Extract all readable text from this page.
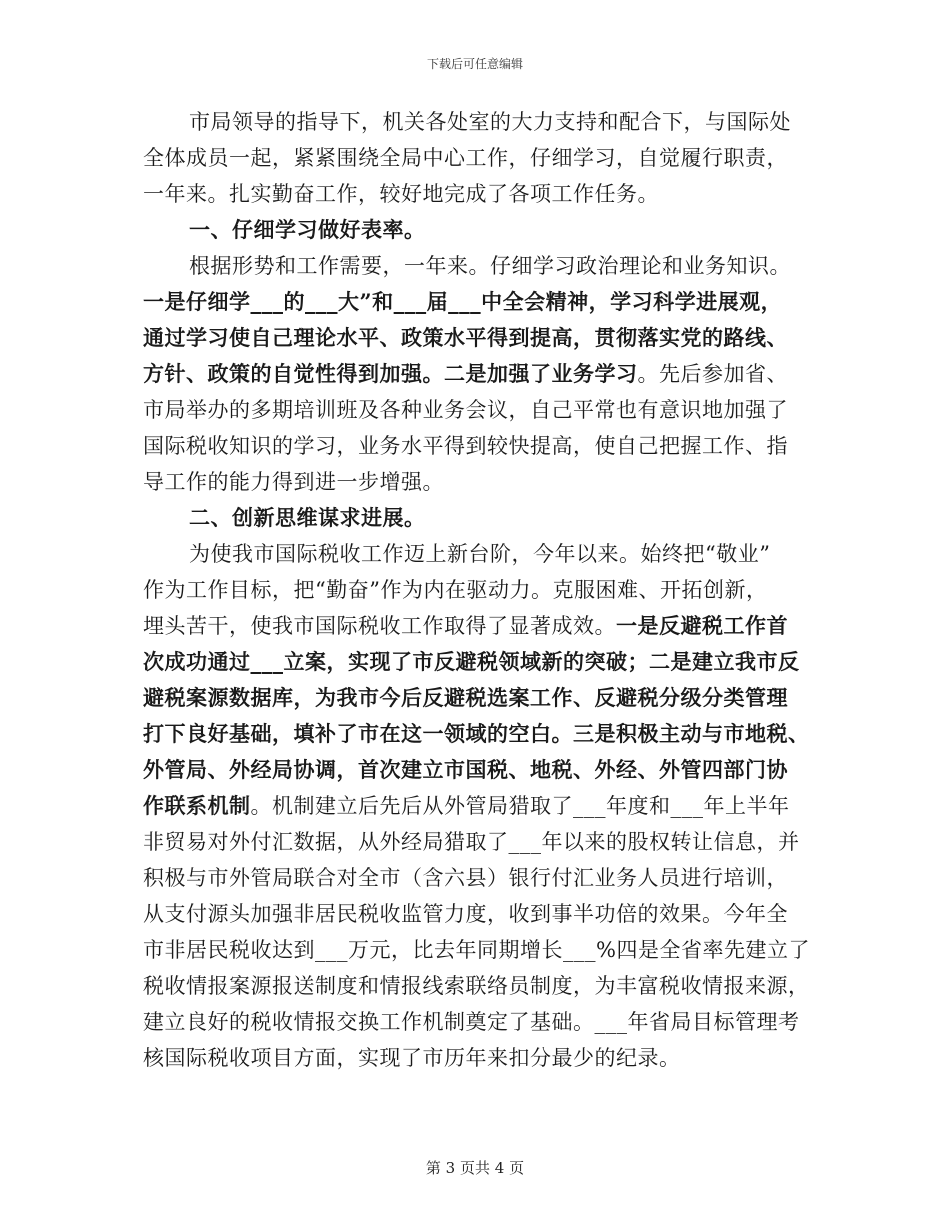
下载后可任意编辑
市局领导的指导下，机关各处室的大力支持和配合下，与国际处
全体成员一起，紧紧围绕全局中心工作，仔细学习，自觉履行职责，
一年来。扎实勤奋工作，较好地完成了各项工作任务。
一、仔细学习做好表率。
根据形势和工作需要，一年来。仔细学习政治理论和业务知识。
一是仔细学___的___大”和___届___中全会精神，学习科学进展观，
通过学习使自己理论水平、政策水平得到提高，贯彻落实党的路线、
方针、政策的自觉性得到加强。二是加强了业务学习。先后参加省、
市局举办的多期培训班及各种业务会议，自己平常也有意识地加强了
国际税收知识的学习，业务水平得到较快提高，使自己把握工作、指
导工作的能力得到进一步增强。
二、创新思维谋求进展。
为使我市国际税收工作迈上新台阶，今年以来。始终把“敬业”
作为工作目标，把“勤奋”作为内在驱动力。克服困难、开拓创新，
埋头苦干，使我市国际税收工作取得了显著成效。一是反避税工作首
次成功通过___立案，实现了市反避税领域新的突破；二是建立我市反
避税案源数据库，为我市今后反避税选案工作、反避税分级分类管理
打下良好基础，填补了市在这一领域的空白。三是积极主动与市地税、
外管局、外经局协调，首次建立市国税、地税、外经、外管四部门协
作联系机制。机制建立后先后从外管局猎取了___年度和___年上半年
非贸易对外付汇数据，从外经局猎取了___年以来的股权转让信息，并
积极与市外管局联合对全市（含六县）银行付汇业务人员进行培训，
从支付源头加强非居民税收监管力度，收到事半功倍的效果。今年全
市非居民税收达到___万元，比去年同期增长___%四是全省率先建立了
税收情报案源报送制度和情报线索联络员制度，为丰富税收情报来源，
建立良好的税收情报交换工作机制奠定了基础。___年省局目标管理考
核国际税收项目方面，实现了市历年来扣分最少的纪录。
第 3 页共 4 页
